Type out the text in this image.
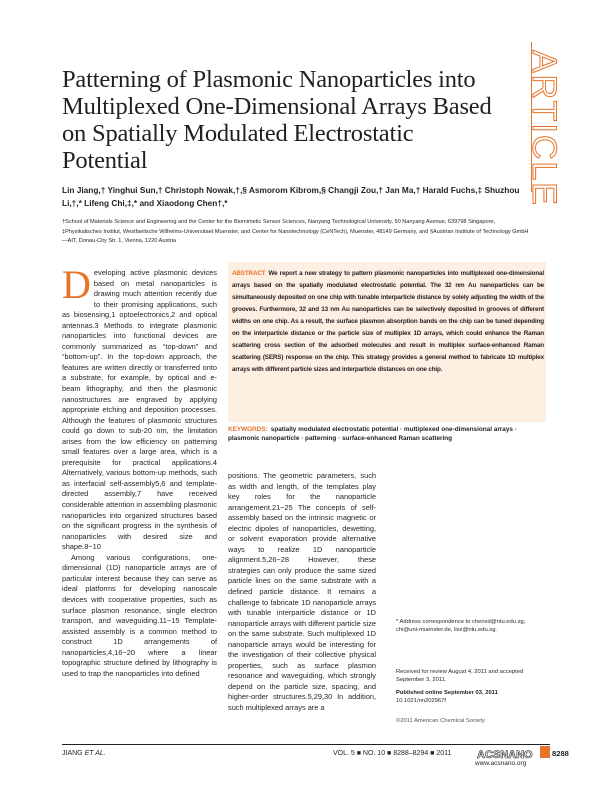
ARTICLE
Patterning of Plasmonic Nanoparticles into Multiplexed One-Dimensional Arrays Based on Spatially Modulated Electrostatic Potential

Lin Jiang,† Yinghui Sun,† Christoph Nowak,†,§ Asmorom Kibrom,§ Changji Zou,† Jan Ma,† Harald Fuchs,‡ Shuzhou Li,†,* Lifeng Chi,‡,* and Xiaodong Chen†,*

†School of Materials Science and Engineering and the Center for the Biomimetic Sensor Sciences, Nanyang Technological University, 50 Nanyang Avenue, 639798 Singapore, ‡Physikalisches Institut, Westfaelische Wilhelms-Universitaet Muenster, and Center for Nanotechnology (CeNTech), Muenster, 48149 Germany, and §Austrian Institute of Technology GmbH—AIT, Donau-City Str. 1, Vienna, 1220 Austria

Developing active plasmonic devices based on metal nanoparticles is drawing much attention recently due to their promising applications, such as biosensing,1 optoelectronics,2 and optical antennas.3 Methods to integrate plasmonic nanoparticles into functional devices are commonly summarized as “top-down” and “bottom-up”. In the top-down approach, the features are written directly or transferred onto a substrate, for example, by optical and e-beam lithography, and then the plasmonic nanostructures are engraved by applying appropriate etching and deposition processes. Although the features of plasmonic structures could go down to sub-20 nm, the limitation arises from the low efficiency on patterning small features over a large area, which is a prerequisite for practical applications.4 Alternatively, various bottom-up methods, such as interfacial self-assembly5,6 and template-directed assembly,7 have received considerable attention in assembling plasmonic nanoparticles into organized structures based on the significant progress in the synthesis of nanoparticles with desired size and shape.8−10

Among various configurations, one-dimensional (1D) nanoparticle arrays are of particular interest because they can serve as ideal platforms for developing nanoscale devices with cooperative properties, such as surface plasmon resonance, single electron transport, and waveguiding.11−15 Template-assisted assembly is a common method to construct 1D arrangements of nanoparticles,4,16−20 where a linear topographic structure defined by lithography is used to trap the nanoparticles into defined

ABSTRACT We report a new strategy to pattern plasmonic nanoparticles into multiplexed one-dimensional arrays based on the spatially modulated electrostatic potential. The 32 nm Au nanoparticles can be simultaneously deposited on one chip with tunable interparticle distance by solely adjusting the width of the grooves. Furthermore, 32 and 13 nm Au nanoparticles can be selectively deposited in grooves of different widths on one chip. As a result, the surface plasmon absorption bands on the chip can be tuned depending on the interparticle distance or the particle size of multiplex 1D arrays, which could enhance the Raman scattering cross section of the adsorbed molecules and result in multiplex surface-enhanced Raman scattering (SERS) response on the chip. This strategy provides a general method to fabricate 1D multiplex arrays with different particle sizes and interparticle distances on one chip.

KEYWORDS: spatially modulated electrostatic potential · multiplexed one-dimensional arrays · plasmonic nanoparticle · patterning · surface-enhanced Raman scattering

positions. The geometric parameters, such as width and length, of the templates play key roles for the nanoparticle arrangement.21−25 The concepts of self-assembly based on the intrinsic magnetic or electric dipoles of nanoparticles, dewetting, or solvent evaporation provide alternative ways to realize 1D nanoparticle alignment.5,26−28 However, these strategies can only produce the same sized particle lines on the same substrate with a defined particle distance. It remains a challenge to fabricate 1D nanoparticle arrays with tunable interparticle distance or 1D nanoparticle arrays with different particle size on the same substrate. Such multiplexed 1D nanoparticle arrays would be interesting for the investigation of their collective physical properties, such as surface plasmon resonance and waveguiding, which strongly depend on the particle size, spacing, and higher-order structures.5,29,30 In addition, such multiplexed arrays are a

* Address correspondence to chenxd@ntu.edu.sg, chi@uni-muenster.de, lisz@ntu.edu.sg.

Received for review August 4, 2011 and accepted September 3, 2011.

Published online September 03, 2011
10.1021/nn202967f

©2011 American Chemical Society

JIANG ET AL.	VOL. 5 ■ NO. 10 ■ 8288–8294 ■ 2011 ACSNANO
www.acsnano.org
8288
